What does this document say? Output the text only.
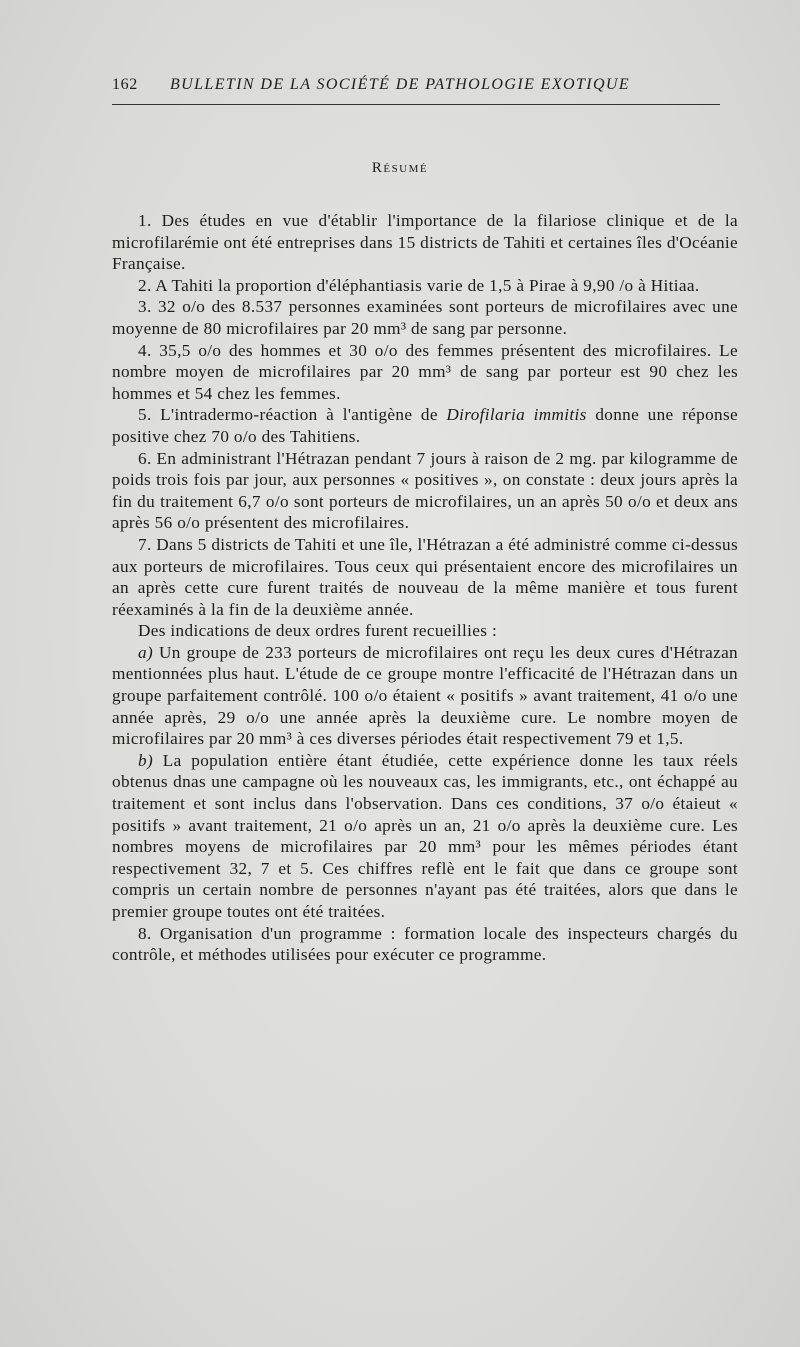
162 BULLETIN DE LA SOCIÉTÉ DE PATHOLOGIE EXOTIQUE
Résumé

1. Des études en vue d'établir l'importance de la filariose clinique et de la microfilarémie ont été entreprises dans 15 districts de Tahiti et certaines îles d'Océanie Française.

2. A Tahiti la proportion d'éléphantiasis varie de 1,5 à Pirae à 9,90 /o à Hitiaa.

3. 32 o/o des 8.537 personnes examinées sont porteurs de microfilaires avec une moyenne de 80 microfilaires par 20 mm³ de sang par personne.

4. 35,5 o/o des hommes et 30 o/o des femmes présentent des microfilaires. Le nombre moyen de microfilaires par 20 mm³ de sang par porteur est 90 chez les hommes et 54 chez les femmes.

5. L'intradermo-réaction à l'antigène de Dirofilaria immitis donne une réponse positive chez 70 o/o des Tahitiens.

6. En administrant l'Hétrazan pendant 7 jours à raison de 2 mg. par kilogramme de poids trois fois par jour, aux personnes « positives », on constate : deux jours après la fin du traitement 6,7 o/o sont porteurs de microfilaires, un an après 50 o/o et deux ans après 56 o/o présentent des microfilaires.

7. Dans 5 districts de Tahiti et une île, l'Hétrazan a été administré comme ci-dessus aux porteurs de microfilaires. Tous ceux qui présentaient encore des microfilaires un an après cette cure furent traités de nouveau de la même manière et tous furent réexaminés à la fin de la deuxième année.

Des indications de deux ordres furent recueillies :

a) Un groupe de 233 porteurs de microfilaires ont reçu les deux cures d'Hétrazan mentionnées plus haut. L'étude de ce groupe montre l'efficacité de l'Hétrazan dans un groupe parfaitement contrôlé. 100 o/o étaient « positifs » avant traitement, 41 o/o une année après, 29 o/o une année après la deuxième cure. Le nombre moyen de microfilaires par 20 mm³ à ces diverses périodes était respectivement 79 et 1,5.

b) La population entière étant étudiée, cette expérience donne les taux réels obtenus dnas une campagne où les nouveaux cas, les immigrants, etc., ont échappé au traitement et sont inclus dans l'observation. Dans ces conditions, 37 o/o étaieut « positifs » avant traitement, 21 o/o après un an, 21 o/o après la deuxième cure. Les nombres moyens de microfilaires par 20 mm³ pour les mêmes périodes étant respectivement 32, 7 et 5. Ces chiffres reflè ent le fait que dans ce groupe sont compris un certain nombre de personnes n'ayant pas été traitées, alors que dans le premier groupe toutes ont été traitées.

8. Organisation d'un programme : formation locale des inspecteurs chargés du contrôle, et méthodes utilisées pour exécuter ce programme.
